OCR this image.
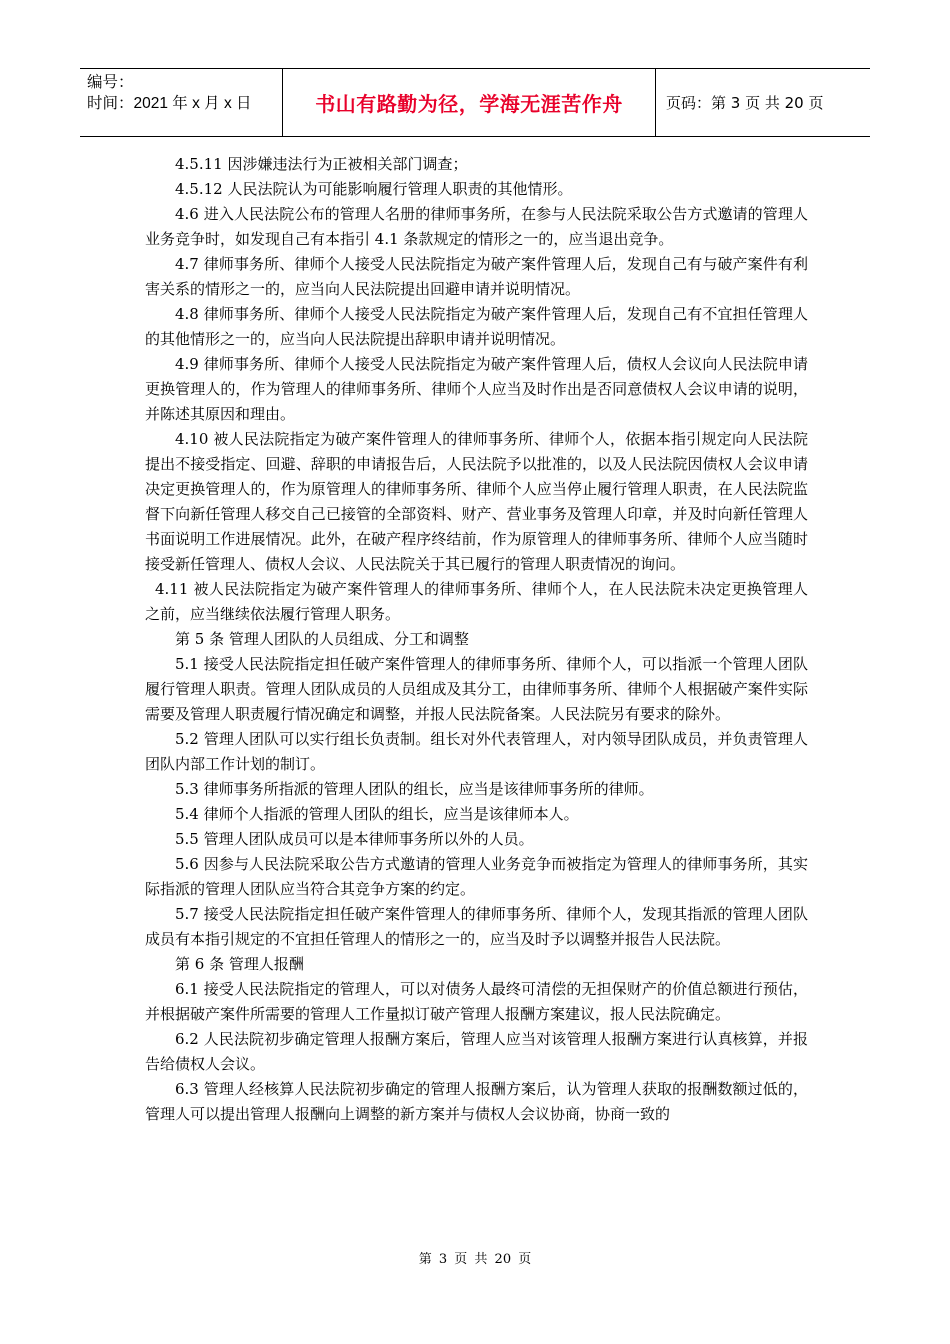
编号：
时间：2021 年 x 月 x 日	书山有路勤为径，学海无涯苦作舟	页码：第 3 页 共 20 页

4.5.11 因涉嫌违法行为正被相关部门调查；

4.5.12 人民法院认为可能影响履行管理人职责的其他情形。

4.6 进入人民法院公布的管理人名册的律师事务所，在参与人民法院采取公告方式邀请的管理人业务竞争时，如发现自己有本指引 4.1 条款规定的情形之一的，应当退出竞争。

4.7 律师事务所、律师个人接受人民法院指定为破产案件管理人后，发现自己有与破产案件有利害关系的情形之一的，应当向人民法院提出回避申请并说明情况。

4.8 律师事务所、律师个人接受人民法院指定为破产案件管理人后，发现自己有不宜担任管理人的其他情形之一的，应当向人民法院提出辞职申请并说明情况。

4.9 律师事务所、律师个人接受人民法院指定为破产案件管理人后，债权人会议向人民法院申请更换管理人的，作为管理人的律师事务所、律师个人应当及时作出是否同意债权人会议申请的说明，并陈述其原因和理由。

4.10 被人民法院指定为破产案件管理人的律师事务所、律师个人，依据本指引规定向人民法院提出不接受指定、回避、辞职的申请报告后，人民法院予以批准的，以及人民法院因债权人会议申请决定更换管理人的，作为原管理人的律师事务所、律师个人应当停止履行管理人职责，在人民法院监督下向新任管理人移交自己已接管的全部资料、财产、营业事务及管理人印章，并及时向新任管理人书面说明工作进展情况。此外，在破产程序终结前，作为原管理人的律师事务所、律师个人应当随时接受新任管理人、债权人会议、人民法院关于其已履行的管理人职责情况的询问。

4.11 被人民法院指定为破产案件管理人的律师事务所、律师个人，在人民法院未决定更换管理人之前，应当继续依法履行管理人职务。

第 5 条 管理人团队的人员组成、分工和调整

5.1 接受人民法院指定担任破产案件管理人的律师事务所、律师个人，可以指派一个管理人团队履行管理人职责。管理人团队成员的人员组成及其分工，由律师事务所、律师个人根据破产案件实际需要及管理人职责履行情况确定和调整，并报人民法院备案。人民法院另有要求的除外。

5.2 管理人团队可以实行组长负责制。组长对外代表管理人，对内领导团队成员，并负责管理人团队内部工作计划的制订。

5.3 律师事务所指派的管理人团队的组长，应当是该律师事务所的律师。

5.4 律师个人指派的管理人团队的组长，应当是该律师本人。

5.5 管理人团队成员可以是本律师事务所以外的人员。

5.6 因参与人民法院采取公告方式邀请的管理人业务竞争而被指定为管理人的律师事务所，其实际指派的管理人团队应当符合其竞争方案的约定。

5.7 接受人民法院指定担任破产案件管理人的律师事务所、律师个人，发现其指派的管理人团队成员有本指引规定的不宜担任管理人的情形之一的，应当及时予以调整并报告人民法院。

第 6 条 管理人报酬

6.1 接受人民法院指定的管理人，可以对债务人最终可清偿的无担保财产的价值总额进行预估，并根据破产案件所需要的管理人工作量拟订破产管理人报酬方案建议，报人民法院确定。

6.2 人民法院初步确定管理人报酬方案后，管理人应当对该管理人报酬方案进行认真核算，并报告给债权人会议。

6.3 管理人经核算人民法院初步确定的管理人报酬方案后，认为管理人获取的报酬数额过低的，管理人可以提出管理人报酬向上调整的新方案并与债权人会议协商，协商一致的

第 3 页 共 20 页
